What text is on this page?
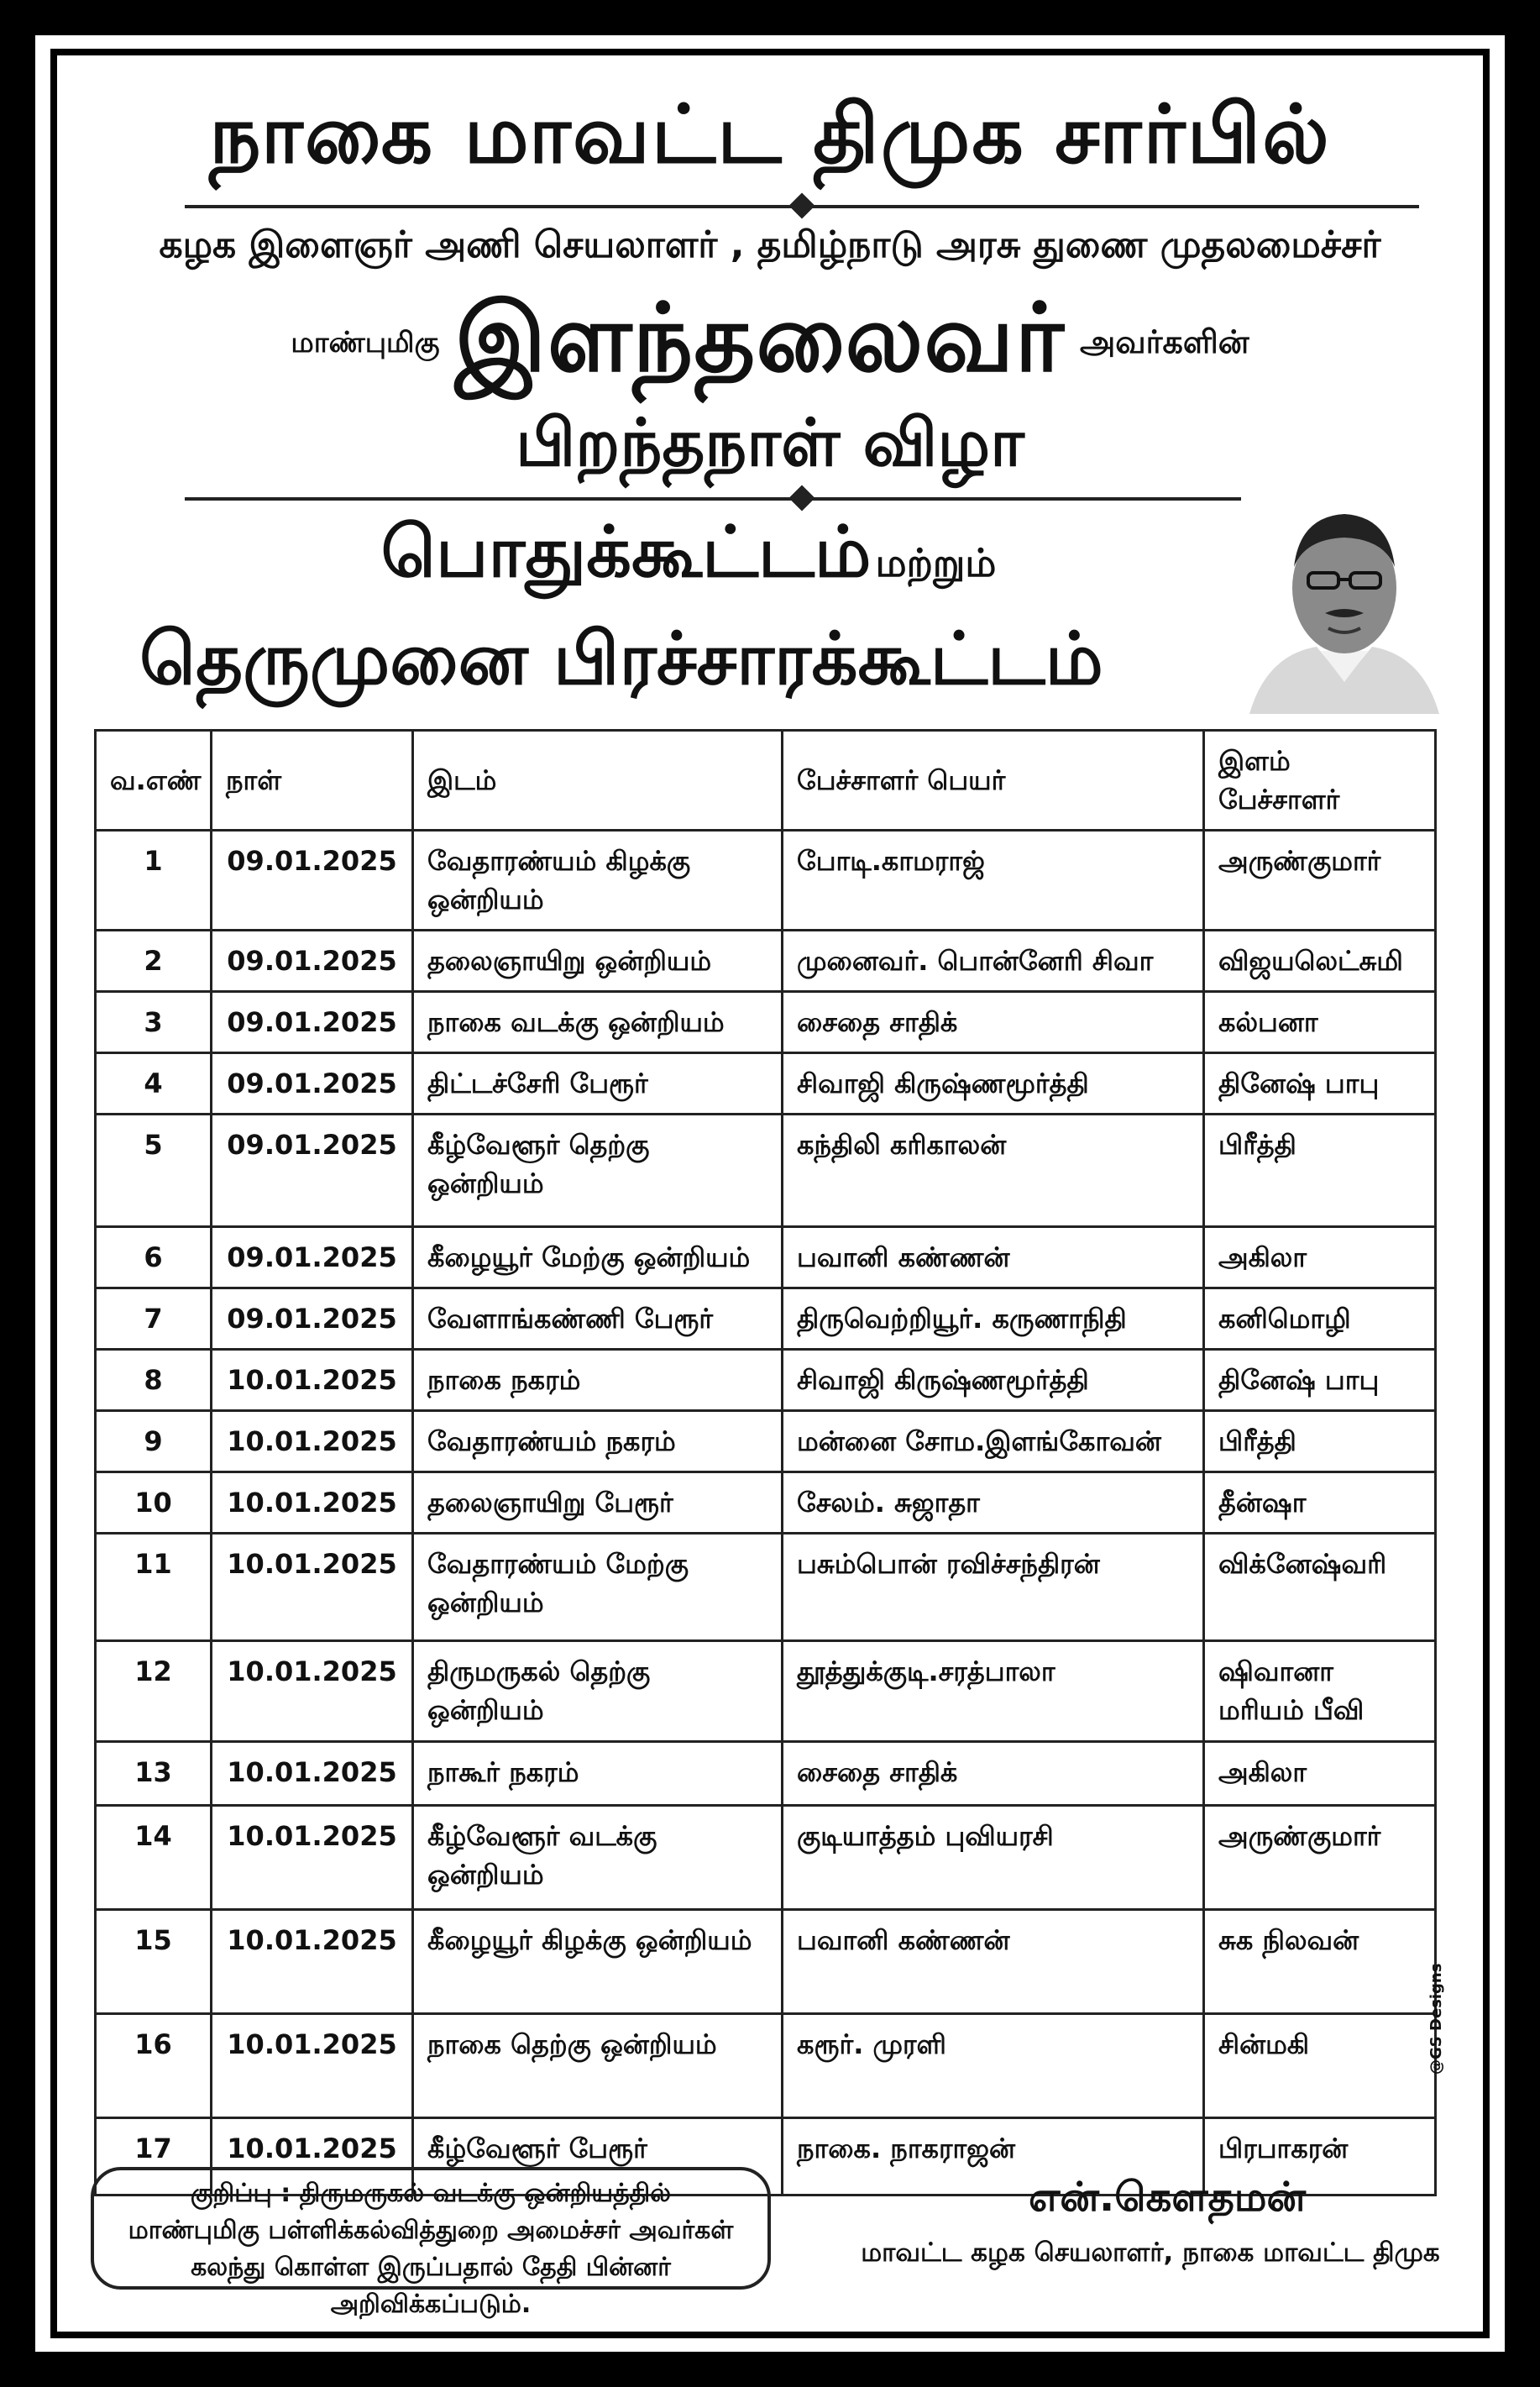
நாகை மாவட்ட திமுக சார்பில்
கழக இளைஞர் அணி செயலாளர் , தமிழ்நாடு அரசு துணை முதலமைச்சர்
மாண்புமிகு இளந்தலைவர் அவர்களின்
பிறந்தநாள் விழா
பொதுக்கூட்டம் மற்றும்
தெருமுனை பிரச்சாரக்கூட்டம்
வ.எண்	நாள்	இடம்	பேச்சாளர் பெயர்	இளம் பேச்சாளர்
1	09.01.2025	வேதாரண்யம் கிழக்கு ஒன்றியம்	போடி.காமராஜ்	அருண்குமார்
2	09.01.2025	தலைஞாயிறு ஒன்றியம்	முனைவர். பொன்னேரி சிவா	விஜயலெட்சுமி
3	09.01.2025	நாகை வடக்கு ஒன்றியம்	சைதை சாதிக்	கல்பனா
4	09.01.2025	திட்டச்சேரி பேரூர்	சிவாஜி கிருஷ்ணமூர்த்தி	தினேஷ் பாபு
5	09.01.2025	கீழ்வேளூர் தெற்கு ஒன்றியம்	கந்திலி கரிகாலன்	பிரீத்தி
6	09.01.2025	கீழையூர் மேற்கு ஒன்றியம்	பவானி கண்ணன்	அகிலா
7	09.01.2025	வேளாங்கண்ணி பேரூர்	திருவெற்றியூர். கருணாநிதி	கனிமொழி
8	10.01.2025	நாகை நகரம்	சிவாஜி கிருஷ்ணமூர்த்தி	தினேஷ் பாபு
9	10.01.2025	வேதாரண்யம் நகரம்	மன்னை சோம.இளங்கோவன்	பிரீத்தி
10	10.01.2025	தலைஞாயிறு பேரூர்	சேலம். சுஜாதா	தீன்ஷா
11	10.01.2025	வேதாரண்யம் மேற்கு ஒன்றியம்	பசும்பொன் ரவிச்சந்திரன்	விக்னேஷ்வரி
12	10.01.2025	திருமருகல் தெற்கு ஒன்றியம்	தூத்துக்குடி.சரத்பாலா	ஷிவானா மரியம் பீவி
13	10.01.2025	நாகூர் நகரம்	சைதை சாதிக்	அகிலா
14	10.01.2025	கீழ்வேளூர் வடக்கு ஒன்றியம்	குடியாத்தம் புவியரசி	அருண்குமார்
15	10.01.2025	கீழையூர் கிழக்கு ஒன்றியம்	பவானி கண்ணன்	சுக நிலவன்
16	10.01.2025	நாகை தெற்கு ஒன்றியம்	கரூர். முரளி	சின்மகி
17	10.01.2025	கீழ்வேளூர் பேரூர்	நாகை. நாகராஜன்	பிரபாகரன்
குறிப்பு : திருமருகல் வடக்கு ஒன்றியத்தில்
மாண்புமிகு பள்ளிக்கல்வித்துறை அமைச்சர் அவர்கள்
கலந்து கொள்ள இருப்பதால் தேதி பின்னர் அறிவிக்கப்படும்.
என்.கௌதமன்
மாவட்ட கழக செயலாளர், நாகை மாவட்ட திமுக
@GS Designs
